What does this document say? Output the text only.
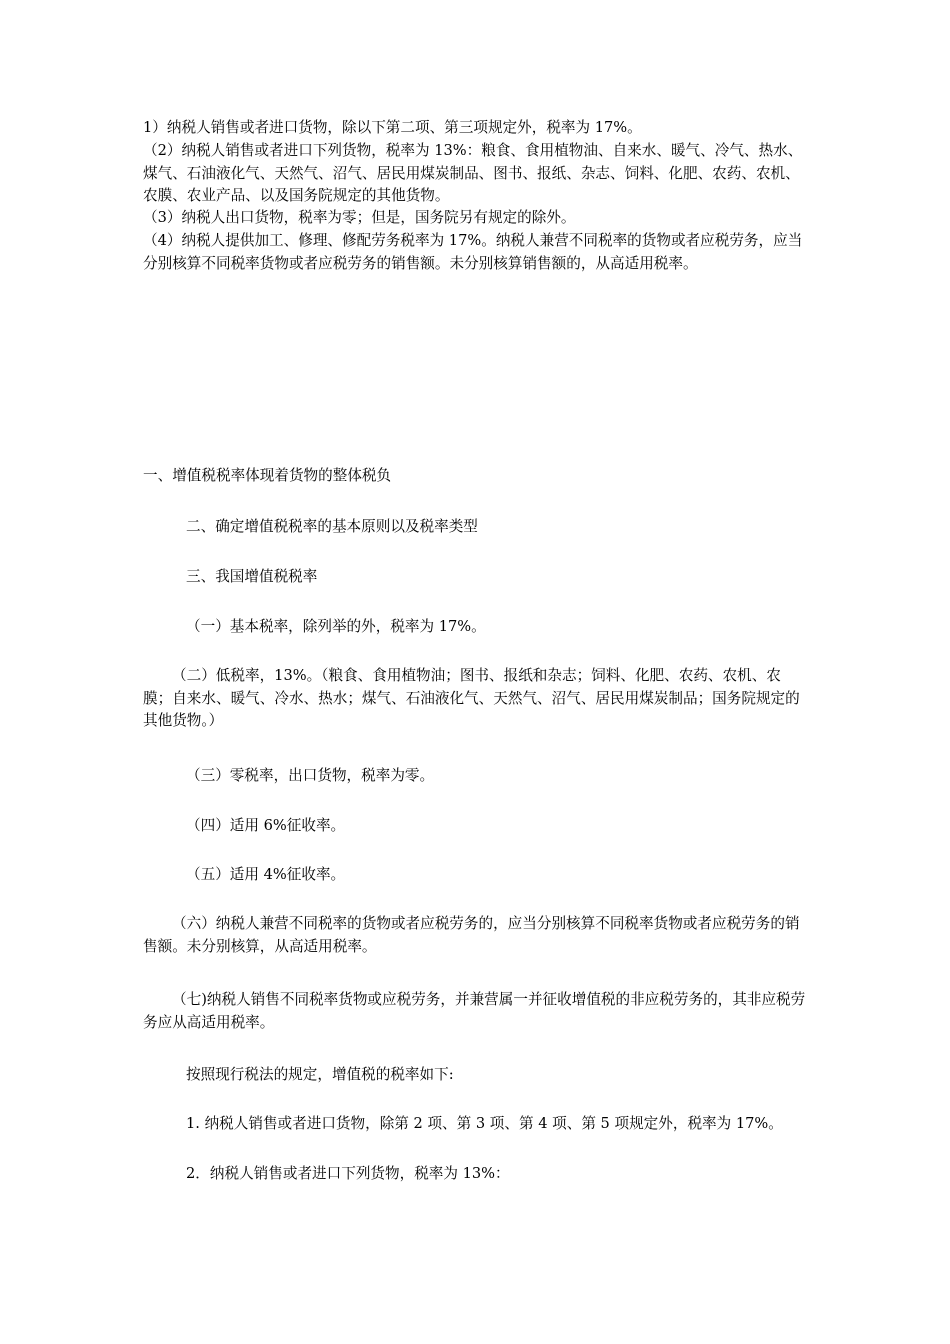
1）纳税人销售或者进口货物，除以下第二项、第三项规定外，税率为 17%。

（2）纳税人销售或者进口下列货物，税率为 13%：粮食、食用植物油、自来水、暖气、冷气、热水、煤气、石油液化气、天然气、沼气、居民用煤炭制品、图书、报纸、杂志、饲料、化肥、农药、农机、农膜、农业产品、以及国务院规定的其他货物。

（3）纳税人出口货物，税率为零；但是，国务院另有规定的除外。

（4）纳税人提供加工、修理、修配劳务税率为 17%。纳税人兼营不同税率的货物或者应税劳务，应当分别核算不同税率货物或者应税劳务的销售额。未分别核算销售额的，从高适用税率。

一、增值税税率体现着货物的整体税负

二、确定增值税税率的基本原则以及税率类型

三、我国增值税税率

（一）基本税率，除列举的外，税率为 17%。

（二）低税率，13%。（粮食、食用植物油；图书、报纸和杂志；饲料、化肥、农药、农机、农膜；自来水、暖气、冷水、热水；煤气、石油液化气、天然气、沼气、居民用煤炭制品；国务院规定的其他货物。）

（三）零税率，出口货物，税率为零。

（四）适用 6%征收率。

（五）适用 4%征收率。

（六）纳税人兼营不同税率的货物或者应税劳务的，应当分别核算不同税率货物或者应税劳务的销售额。未分别核算，从高适用税率。

（七)纳税人销售不同税率货物或应税劳务，并兼营属一并征收增值税的非应税劳务的，其非应税劳务应从高适用税率。

按照现行税法的规定，增值税的税率如下:

1. 纳税人销售或者进口货物，除第 2 项、第 3 项、第 4 项、第 5 项规定外，税率为 17%。

2．纳税人销售或者进口下列货物，税率为 13%：
